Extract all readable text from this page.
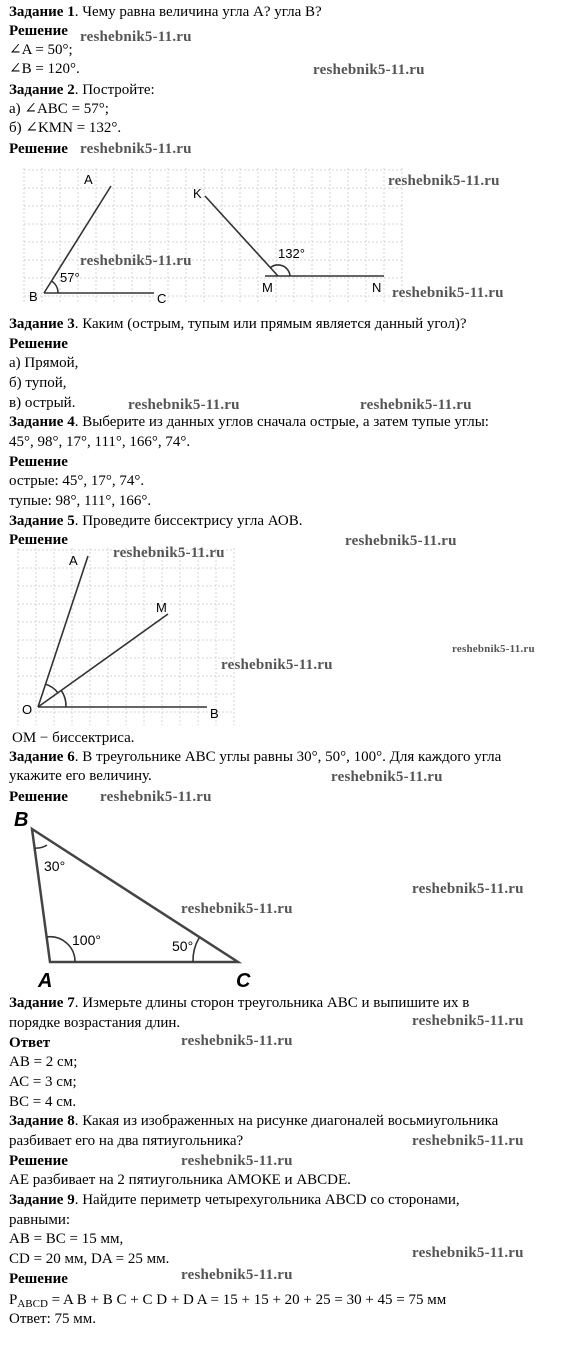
Задание 1. Чему равна величина угла А? угла В?
Решение
∠A = 50°;
∠B = 120°.
Задание 2. Постройте:
а) ∠ABC = 57°;
б) ∠KMN = 132°.
Решение
A
B	C
57°
K
M	N
132°
Задание 3. Каким (острым, тупым или прямым является данный угол)?
Решение
а) Прямой,
б) тупой,
в) острый.
Задание 4. Выберите из данных углов сначала острые, а затем тупые углы:
45°, 98°, 17°, 111°, 166°, 74°.
Решение
острые: 45°, 17°, 74°.
тупые: 98°, 111°, 166°.
Задание 5. Проведите биссектрису угла АОВ.
Решение
A
M
O	B
ОМ − биссектриса.
Задание 6. В треугольнике АВС углы равны 30°, 50°, 100°. Для каждого угла
укажите его величину.
Решение
B
A	C
30°
100°	50°
Задание 7. Измерьте длины сторон треугольника АВС и выпишите их в
порядке возрастания длин.
Ответ
АВ = 2 см;
АС = 3 см;
ВС = 4 см.
Задание 8. Какая из изображенных на рисунке диагоналей восьмиугольника
разбивает его на два пятиугольника?
Решение
АЕ разбивает на 2 пятиугольника АМОКЕ и ABCDE.
Задание 9. Найдите периметр четырехугольника ABCD со сторонами,
равными:
АВ = ВС = 15 мм,
CD = 20 мм, DA = 25 мм.
Решение
$P_{ABCD} = A$ B + B C + C D + D A = 15 + 15 + 20 + 25 = 30 + 45 = 75 мм
Ответ: 75 мм.
reshebnik5-11.ru
reshebnik5-11.ru
reshebnik5-11.ru
reshebnik5-11.ru
reshebnik5-11.ru
reshebnik5-11.ru
reshebnik5-11.ru	reshebnik5-11.ru
reshebnik5-11.ru
reshebnik5-11.ru
reshebnik5-11.ru
reshebnik5-11.ru
reshebnik5-11.ru
reshebnik5-11.ru
reshebnik5-11.ru
reshebnik5-11.ru
reshebnik5-11.ru
reshebnik5-11.ru
reshebnik5-11.ru
reshebnik5-11.ru
reshebnik5-11.ru
reshebnik5-11.ru
